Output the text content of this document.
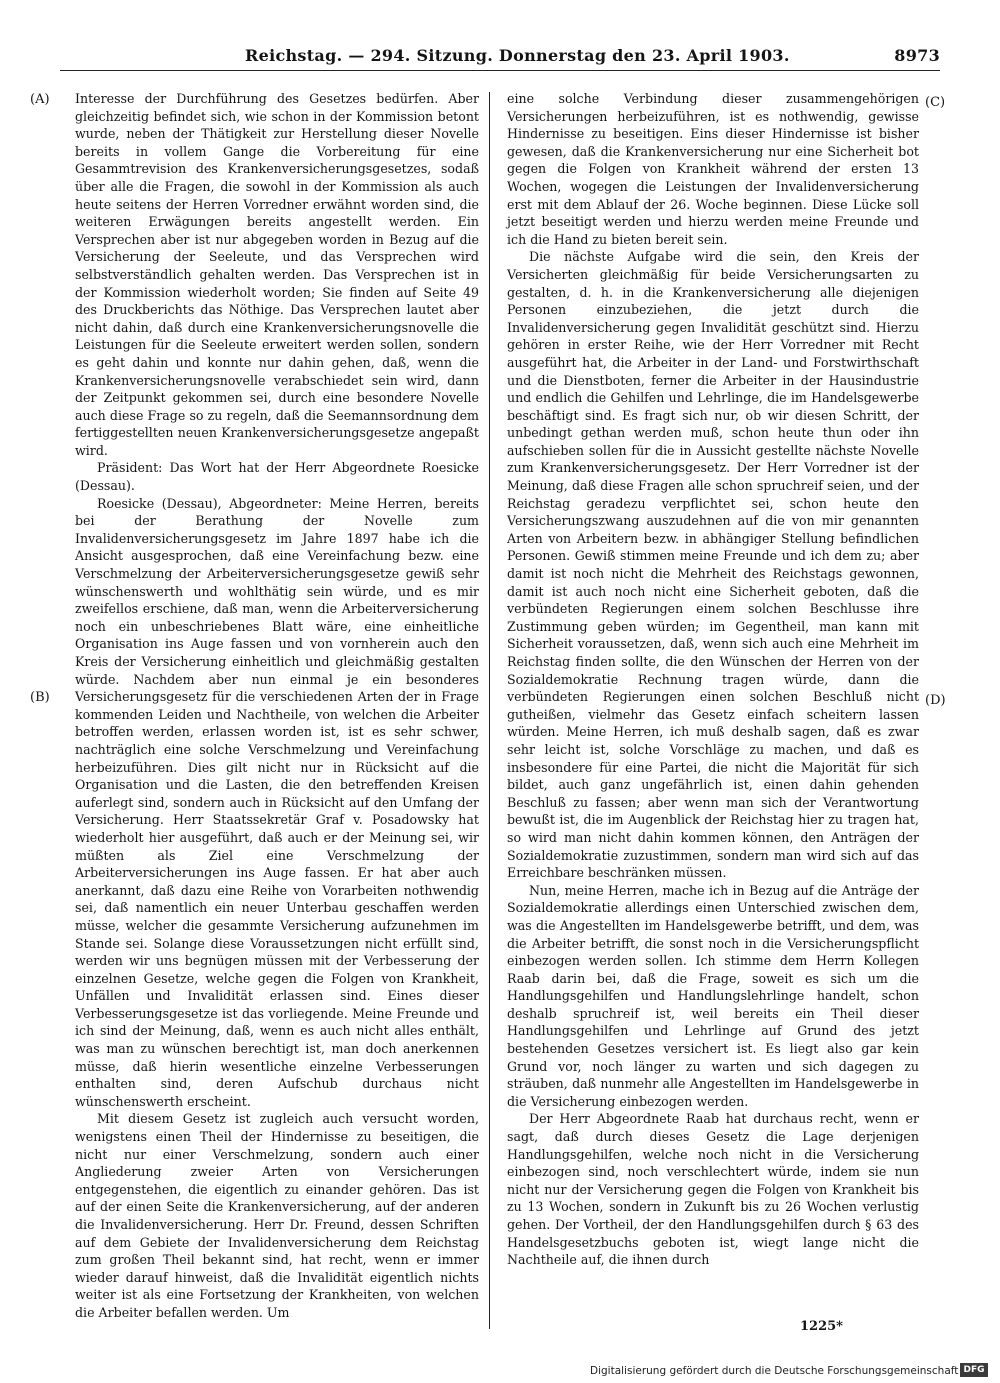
Reichstag. — 294. Sitzung. Donnerstag den 23. April 1903.	8973
(A)
(B)
(C)
(D)

Interesse der Durchführung des Gesetzes bedürfen. Aber gleichzeitig befindet sich, wie schon in der Kommission betont wurde, neben der Thätigkeit zur Herstellung dieser Novelle bereits in vollem Gange die Vorbereitung für eine Gesammtrevision des Krankenversicherungsgesetzes, sodaß über alle die Fragen, die sowohl in der Kommission als auch heute seitens der Herren Vorredner erwähnt worden sind, die weiteren Erwägungen bereits angestellt werden. Ein Versprechen aber ist nur abgegeben worden in Bezug auf die Versicherung der Seeleute, und das Versprechen wird selbstverständlich gehalten werden. Das Versprechen ist in der Kommission wiederholt worden; Sie finden auf Seite 49 des Druckberichts das Nöthige. Das Versprechen lautet aber nicht dahin, daß durch eine Krankenversicherungsnovelle die Leistungen für die Seeleute erweitert werden sollen, sondern es geht dahin und konnte nur dahin gehen, daß, wenn die Krankenversicherungsnovelle verabschiedet sein wird, dann der Zeitpunkt gekommen sei, durch eine besondere Novelle auch diese Frage so zu regeln, daß die Seemannsordnung dem fertiggestellten neuen Krankenversicherungsgesetze angepaßt wird.

Präsident: Das Wort hat der Herr Abgeordnete Roesicke (Dessau).

Roesicke (Dessau), Abgeordneter: Meine Herren, bereits bei der Berathung der Novelle zum Invalidenversicherungsgesetz im Jahre 1897 habe ich die Ansicht ausgesprochen, daß eine Vereinfachung bezw. eine Verschmelzung der Arbeiterversicherungsgesetze gewiß sehr wünschenswerth und wohlthätig sein würde, und es mir zweifellos erschiene, daß man, wenn die Arbeiterversicherung noch ein unbeschriebenes Blatt wäre, eine einheitliche Organisation ins Auge fassen und von vornherein auch den Kreis der Versicherung einheitlich und gleichmäßig gestalten würde. Nachdem aber nun einmal je ein besonderes Versicherungsgesetz für die verschiedenen Arten der in Frage kommenden Leiden und Nachtheile, von welchen die Arbeiter betroffen werden, erlassen worden ist, ist es sehr schwer, nachträglich eine solche Verschmelzung und Vereinfachung herbeizuführen. Dies gilt nicht nur in Rücksicht auf die Organisation und die Lasten, die den betreffenden Kreisen auferlegt sind, sondern auch in Rücksicht auf den Umfang der Versicherung. Herr Staatssekretär Graf v. Posadowsky hat wiederholt hier ausgeführt, daß auch er der Meinung sei, wir müßten als Ziel eine Verschmelzung der Arbeiterversicherungen ins Auge fassen. Er hat aber auch anerkannt, daß dazu eine Reihe von Vorarbeiten nothwendig sei, daß namentlich ein neuer Unterbau geschaffen werden müsse, welcher die gesammte Versicherung aufzunehmen im Stande sei. Solange diese Voraussetzungen nicht erfüllt sind, werden wir uns begnügen müssen mit der Verbesserung der einzelnen Gesetze, welche gegen die Folgen von Krankheit, Unfällen und Invalidität erlassen sind. Eines dieser Verbesserungsgesetze ist das vorliegende. Meine Freunde und ich sind der Meinung, daß, wenn es auch nicht alles enthält, was man zu wünschen berechtigt ist, man doch anerkennen müsse, daß hierin wesentliche einzelne Verbesserungen enthalten sind, deren Aufschub durchaus nicht wünschenswerth erscheint.

Mit diesem Gesetz ist zugleich auch versucht worden, wenigstens einen Theil der Hindernisse zu beseitigen, die nicht nur einer Verschmelzung, sondern auch einer Angliederung zweier Arten von Versicherungen entgegenstehen, die eigentlich zu einander gehören. Das ist auf der einen Seite die Krankenversicherung, auf der anderen die Invalidenversicherung. Herr Dr. Freund, dessen Schriften auf dem Gebiete der Invalidenversicherung dem Reichstag zum großen Theil bekannt sind, hat recht, wenn er immer wieder darauf hinweist, daß die Invalidität eigentlich nichts weiter ist als eine Fortsetzung der Krankheiten, von welchen die Arbeiter befallen werden. Um

eine solche Verbindung dieser zusammengehörigen Versicherungen herbeizuführen, ist es nothwendig, gewisse Hindernisse zu beseitigen. Eins dieser Hindernisse ist bisher gewesen, daß die Krankenversicherung nur eine Sicherheit bot gegen die Folgen von Krankheit während der ersten 13 Wochen, wogegen die Leistungen der Invalidenversicherung erst mit dem Ablauf der 26. Woche beginnen. Diese Lücke soll jetzt beseitigt werden und hierzu werden meine Freunde und ich die Hand zu bieten bereit sein.

Die nächste Aufgabe wird die sein, den Kreis der Versicherten gleichmäßig für beide Versicherungsarten zu gestalten, d. h. in die Krankenversicherung alle diejenigen Personen einzubeziehen, die jetzt durch die Invalidenversicherung gegen Invalidität geschützt sind. Hierzu gehören in erster Reihe, wie der Herr Vorredner mit Recht ausgeführt hat, die Arbeiter in der Land- und Forstwirthschaft und die Dienstboten, ferner die Arbeiter in der Hausindustrie und endlich die Gehilfen und Lehrlinge, die im Handelsgewerbe beschäftigt sind. Es fragt sich nur, ob wir diesen Schritt, der unbedingt gethan werden muß, schon heute thun oder ihn aufschieben sollen für die in Aussicht gestellte nächste Novelle zum Krankenversicherungsgesetz. Der Herr Vorredner ist der Meinung, daß diese Fragen alle schon spruchreif seien, und der Reichstag geradezu verpflichtet sei, schon heute den Versicherungszwang auszudehnen auf die von mir genannten Arten von Arbeitern bezw. in abhängiger Stellung befindlichen Personen. Gewiß stimmen meine Freunde und ich dem zu; aber damit ist noch nicht die Mehrheit des Reichstags gewonnen, damit ist auch noch nicht eine Sicherheit geboten, daß die verbündeten Regierungen einem solchen Beschlusse ihre Zustimmung geben würden; im Gegentheil, man kann mit Sicherheit voraussetzen, daß, wenn sich auch eine Mehrheit im Reichstag finden sollte, die den Wünschen der Herren von der Sozialdemokratie Rechnung tragen würde, dann die verbündeten Regierungen einen solchen Beschluß nicht gutheißen, vielmehr das Gesetz einfach scheitern lassen würden. Meine Herren, ich muß deshalb sagen, daß es zwar sehr leicht ist, solche Vorschläge zu machen, und daß es insbesondere für eine Partei, die nicht die Majorität für sich bildet, auch ganz ungefährlich ist, einen dahin gehenden Beschluß zu fassen; aber wenn man sich der Verantwortung bewußt ist, die im Augenblick der Reichstag hier zu tragen hat, so wird man nicht dahin kommen können, den Anträgen der Sozialdemokratie zuzustimmen, sondern man wird sich auf das Erreichbare beschränken müssen.

Nun, meine Herren, mache ich in Bezug auf die Anträge der Sozialdemokratie allerdings einen Unterschied zwischen dem, was die Angestellten im Handelsgewerbe betrifft, und dem, was die Arbeiter betrifft, die sonst noch in die Versicherungspflicht einbezogen werden sollen. Ich stimme dem Herrn Kollegen Raab darin bei, daß die Frage, soweit es sich um die Handlungsgehilfen und Handlungslehrlinge handelt, schon deshalb spruchreif ist, weil bereits ein Theil dieser Handlungsgehilfen und Lehrlinge auf Grund des jetzt bestehenden Gesetzes versichert ist. Es liegt also gar kein Grund vor, noch länger zu warten und sich dagegen zu sträuben, daß nunmehr alle Angestellten im Handelsgewerbe in die Versicherung einbezogen werden.

Der Herr Abgeordnete Raab hat durchaus recht, wenn er sagt, daß durch dieses Gesetz die Lage derjenigen Handlungsgehilfen, welche noch nicht in die Versicherung einbezogen sind, noch verschlechtert würde, indem sie nun nicht nur der Versicherung gegen die Folgen von Krankheit bis zu 13 Wochen, sondern in Zukunft bis zu 26 Wochen verlustig gehen. Der Vortheil, der den Handlungsgehilfen durch § 63 des Handelsgesetzbuchs geboten ist, wiegt lange nicht die Nachtheile auf, die ihnen durch

1225*
Digitalisierung gefördert durch die Deutsche Forschungsgemeinschaft DFG
